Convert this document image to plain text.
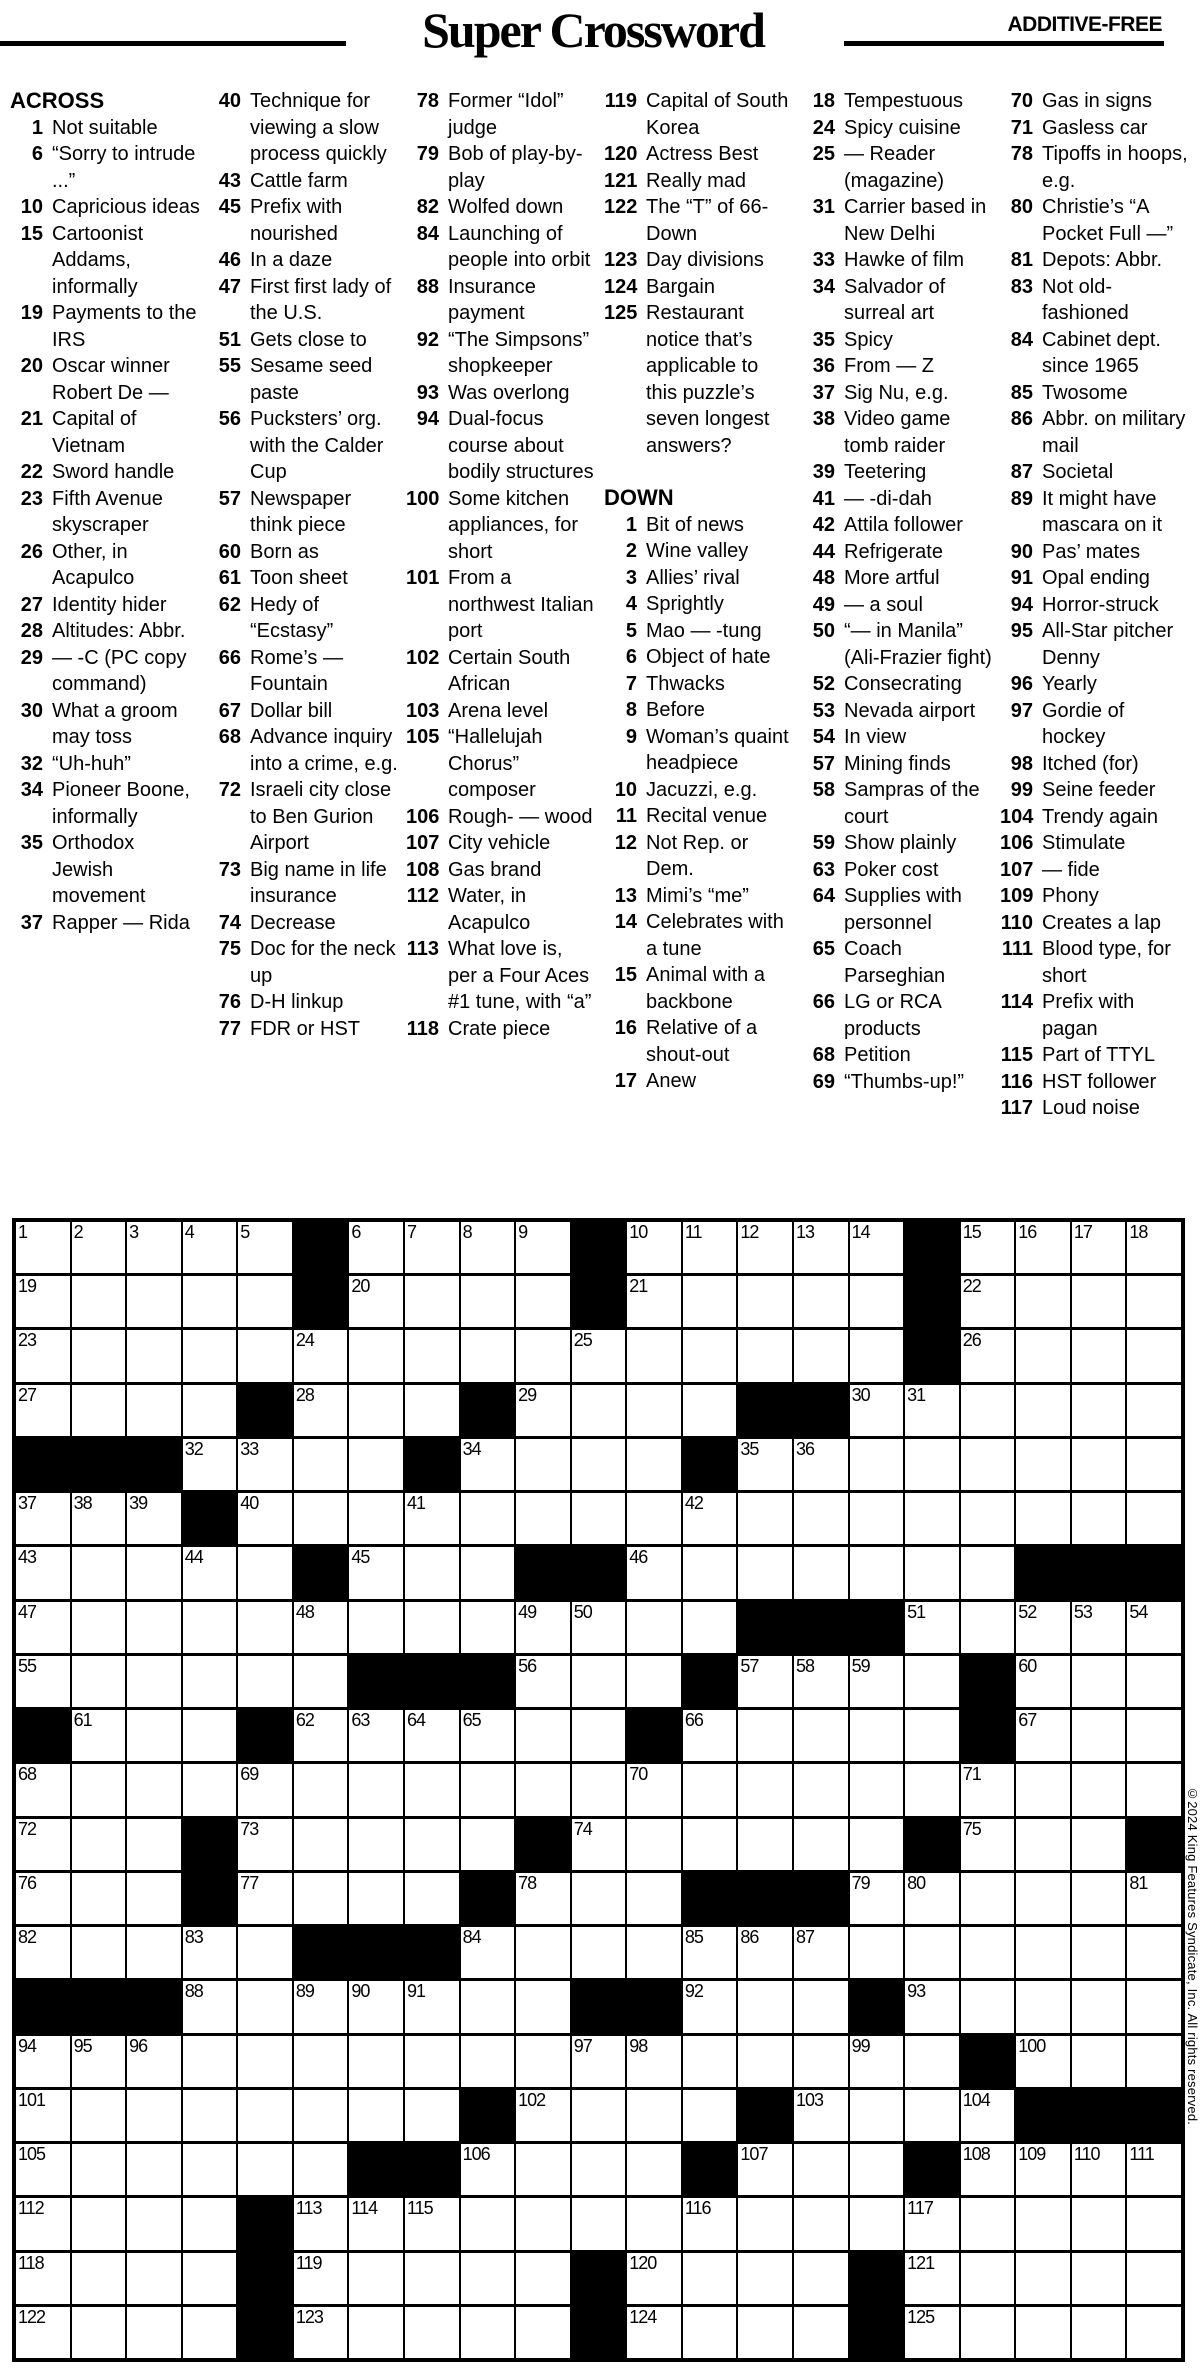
Super Crossword	ADDITIVE-FREE
ACROSS
1 Not suitable
6 “Sorry to intrude ...”
10 Capricious ideas
15 Cartoonist Addams, informally
19 Payments to the IRS
20 Oscar winner Robert De —
21 Capital of Vietnam
22 Sword handle
23 Fifth Avenue skyscraper
26 Other, in Acapulco
27 Identity hider
28 Altitudes: Abbr.
29 — -C (PC copy command)
30 What a groom may toss
32 “Uh-huh”
34 Pioneer Boone, informally
35 Orthodox Jewish movement
37 Rapper — Rida
40 Technique for viewing a slow process quickly
43 Cattle farm
45 Prefix with nourished
46 In a daze
47 First first lady of the U.S.
51 Gets close to
55 Sesame seed paste
56 Pucksters’ org. with the Calder Cup
57 Newspaper think piece
60 Born as
61 Toon sheet
62 Hedy of “Ecstasy”
66 Rome’s — Fountain
67 Dollar bill
68 Advance inquiry into a crime, e.g.
72 Israeli city close to Ben Gurion Airport
73 Big name in life insurance
74 Decrease
75 Doc for the neck up
76 D-H linkup
77 FDR or HST
78 Former “Idol” judge
79 Bob of play-by-play
82 Wolfed down
84 Launching of people into orbit
88 Insurance payment
92 “The Simpsons” shopkeeper
93 Was overlong
94 Dual-focus course about bodily structures
100 Some kitchen appliances, for short
101 From a northwest Italian port
102 Certain South African
103 Arena level
105 “Hallelujah Chorus” composer
106 Rough- — wood
107 City vehicle
108 Gas brand
112 Water, in Acapulco
113 What love is, per a Four Aces #1 tune, with “a”
118 Crate piece
119 Capital of South Korea
120 Actress Best
121 Really mad
122 The “T” of 66-Down
123 Day divisions
124 Bargain
125 Restaurant notice that’s applicable to this puzzle’s seven longest answers?
DOWN
1 Bit of news
2 Wine valley
3 Allies’ rival
4 Sprightly
5 Mao — -tung
6 Object of hate
7 Thwacks
8 Before
9 Woman’s quaint headpiece
10 Jacuzzi, e.g.
11 Recital venue
12 Not Rep. or Dem.
13 Mimi’s “me”
14 Celebrates with a tune
15 Animal with a backbone
16 Relative of a shout-out
17 Anew
18 Tempestuous
24 Spicy cuisine
25 — Reader (magazine)
31 Carrier based in New Delhi
33 Hawke of film
34 Salvador of surreal art
35 Spicy
36 From — Z
37 Sig Nu, e.g.
38 Video game tomb raider
39 Teetering
41 — -di-dah
42 Attila follower
44 Refrigerate
48 More artful
49 — a soul
50 “— in Manila” (Ali-Frazier fight)
52 Consecrating
53 Nevada airport
54 In view
57 Mining finds
58 Sampras of the court
59 Show plainly
63 Poker cost
64 Supplies with personnel
65 Coach Parseghian
66 LG or RCA products
68 Petition
69 “Thumbs-up!”
70 Gas in signs
71 Gasless car
78 Tipoffs in hoops, e.g.
80 Christie’s “A Pocket Full —”
81 Depots: Abbr.
83 Not old-fashioned
84 Cabinet dept. since 1965
85 Twosome
86 Abbr. on military mail
87 Societal
89 It might have mascara on it
90 Pas’ mates
91 Opal ending
94 Horror-struck
95 All-Star pitcher Denny
96 Yearly
97 Gordie of hockey
98 Itched (for)
99 Seine feeder
104 Trendy again
106 Stimulate
107 — fide
109 Phony
110 Creates a lap
111 Blood type, for short
114 Prefix with pagan
115 Part of TTYL
116 HST follower
117 Loud noise
1	2	3	4	5	6	7	8	9	10 11 12 13 14	15 16 17 18
19	20	21	22
23	24	25	26
27	28	29	30 31
32 33	34	35 36
37 38 39	40	41	42
43	44	45	46
47	48	49 50	51	52 53 54
55	56	57 58 59	60
61	62 63 64 65	66	67
68	69	70	71
72	73	74	75
76	77	78	79 80	81
82	83	84	85 86 87
88	89 90 91	92	93
94 95 96	97 98	99	100
101	102	103	104
105	106	107	108 109 110 111
112	113 114 115	116	117
118	119	120	121
122	123	124	125
©2024 King Features Syndicate, Inc. All rights reserved.
